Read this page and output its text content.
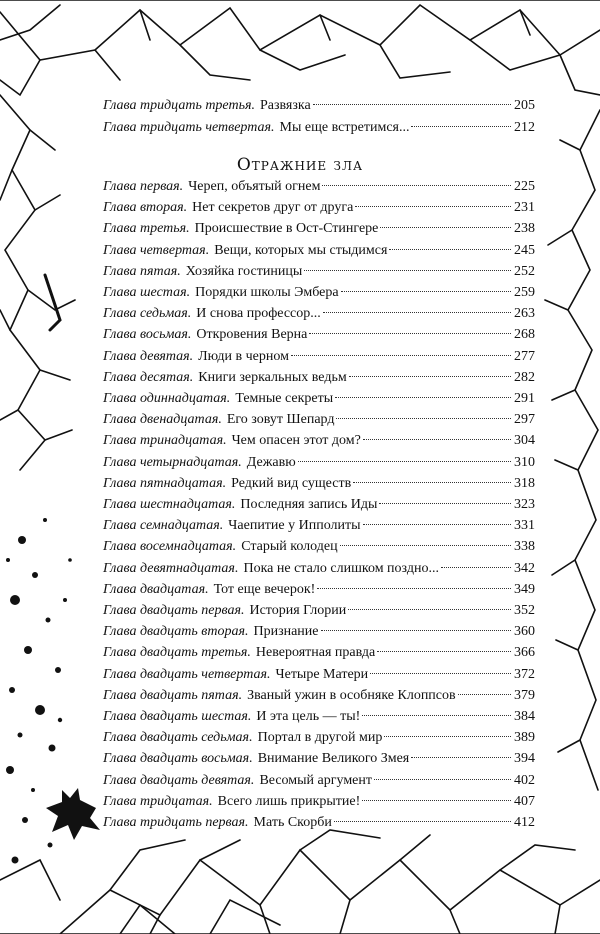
Глава тридцать третья. Развязка	205
Глава тридцать четвертая. Мы еще встретимся...	212
Глава первая. Череп, объятый огнем	225
Глава вторая. Нет секретов друг от друга	231
Глава третья. Происшествие в Ост-Стингере	238
Глава четвертая. Вещи, которых мы стыдимся	245
Глава пятая. Хозяйка гостиницы	252
Глава шестая. Порядки школы Эмбера	259
Глава седьмая. И снова профессор...	263
Глава восьмая. Откровения Верна	268
Глава девятая. Люди в черном	277
Глава десятая. Книги зеркальных ведьм	282
Глава одиннадцатая. Темные секреты	291
Глава двенадцатая. Его зовут Шепард	297
Глава тринадцатая. Чем опасен этот дом?	304
Глава четырнадцатая. Дежавю	310
Глава пятнадцатая. Редкий вид существ	318
Глава шестнадцатая. Последняя запись Иды	323
Глава семнадцатая. Чаепитие у Ипполиты	331
Глава восемнадцатая. Старый колодец	338
Глава девятнадцатая. Пока не стало слишком поздно...	342
Глава двадцатая. Тот еще вечерок!	349
Глава двадцать первая. История Глории	352
Глава двадцать вторая. Признание	360
Глава двадцать третья. Невероятная правда	366
Глава двадцать четвертая. Четыре Матери	372
Глава двадцать пятая. Званый ужин в особняке Клоппсов	379
Глава двадцать шестая. И эта цель — ты!	384
Глава двадцать седьмая. Портал в другой мир	389
Глава двадцать восьмая. Внимание Великого Змея	394
Глава двадцать девятая. Весомый аргумент	402
Глава тридцатая. Всего лишь прикрытие!	407
Глава тридцать первая. Мать Скорби	412
Отражние зла
